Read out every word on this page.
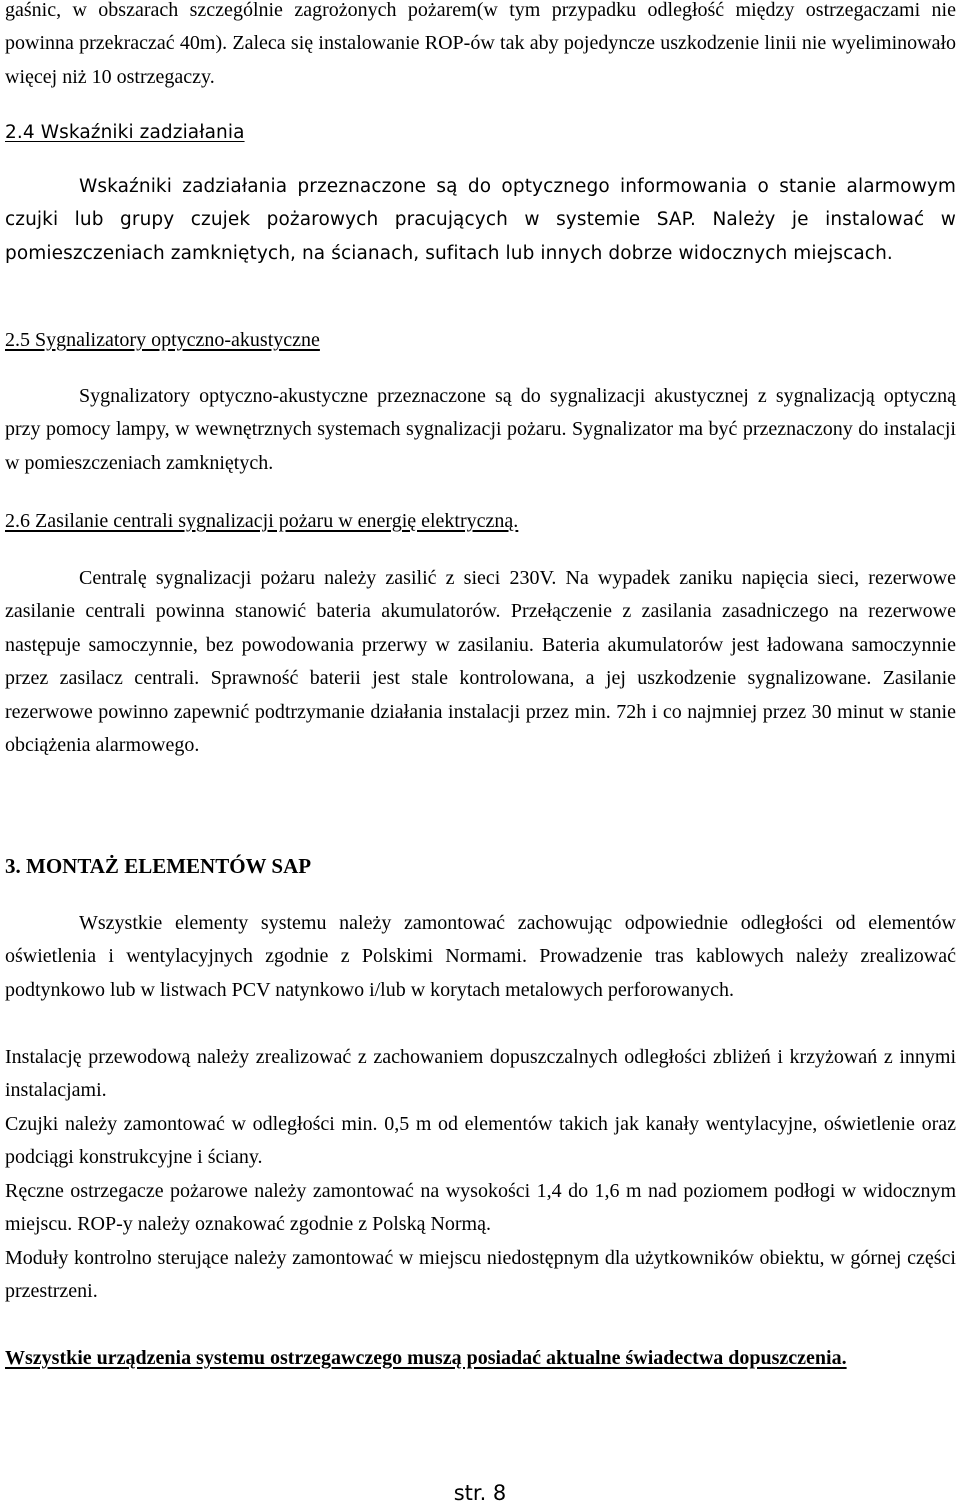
gaśnic, w obszarach szczególnie zagrożonych pożarem(w tym przypadku odległość między ostrzegaczami nie powinna przekraczać 40m). Zaleca się instalowanie ROP-ów tak aby pojedyncze uszkodzenie linii nie wyeliminowało więcej niż 10 ostrzegaczy.

2.4 Wskaźniki zadziałania

Wskaźniki zadziałania przeznaczone są do optycznego informowania o stanie alarmowym czujki lub grupy czujek pożarowych pracujących w systemie SAP. Należy je instalować w pomieszczeniach zamkniętych, na ścianach, sufitach lub innych dobrze widocznych miejscach.

2.5 Sygnalizatory optyczno-akustyczne

Sygnalizatory optyczno-akustyczne przeznaczone są do sygnalizacji akustycznej z sygnalizacją optyczną przy pomocy lampy, w wewnętrznych systemach sygnalizacji pożaru. Sygnalizator ma być przeznaczony do instalacji w pomieszczeniach zamkniętych.

2.6 Zasilanie centrali sygnalizacji pożaru w energię elektryczną.

Centralę sygnalizacji pożaru należy zasilić z sieci 230V. Na wypadek zaniku napięcia sieci, rezerwowe zasilanie centrali powinna stanowić bateria akumulatorów. Przełączenie z zasilania zasadniczego na rezerwowe następuje samoczynnie, bez powodowania przerwy w zasilaniu. Bateria akumulatorów jest ładowana samoczynnie przez zasilacz centrali. Sprawność baterii jest stale kontrolowana, a jej uszkodzenie sygnalizowane. Zasilanie rezerwowe powinno zapewnić podtrzymanie działania instalacji przez min. 72h i co najmniej przez 30 minut w stanie obciążenia alarmowego.

3. MONTAŻ ELEMENTÓW SAP

Wszystkie elementy systemu należy zamontować zachowując odpowiednie odległości od elementów oświetlenia i wentylacyjnych zgodnie z Polskimi Normami. Prowadzenie tras kablowych należy zrealizować podtynkowo lub w listwach PCV natynkowo i/lub w korytach metalowych perforowanych.

Instalację przewodową należy zrealizować z zachowaniem dopuszczalnych odległości zbliżeń i krzyżowań z innymi instalacjami.

Czujki należy zamontować w odległości min. 0,5 m od elementów takich jak kanały wentylacyjne, oświetlenie oraz podciągi konstrukcyjne i ściany.

Ręczne ostrzegacze pożarowe należy zamontować na wysokości 1,4 do 1,6 m nad poziomem podłogi w widocznym miejscu. ROP-y należy oznakować zgodnie z Polską Normą.

Moduły kontrolno sterujące należy zamontować w miejscu niedostępnym dla użytkowników obiektu, w górnej części przestrzeni.

Wszystkie urządzenia systemu ostrzegawczego muszą posiadać aktualne świadectwa dopuszczenia.

str. 8
